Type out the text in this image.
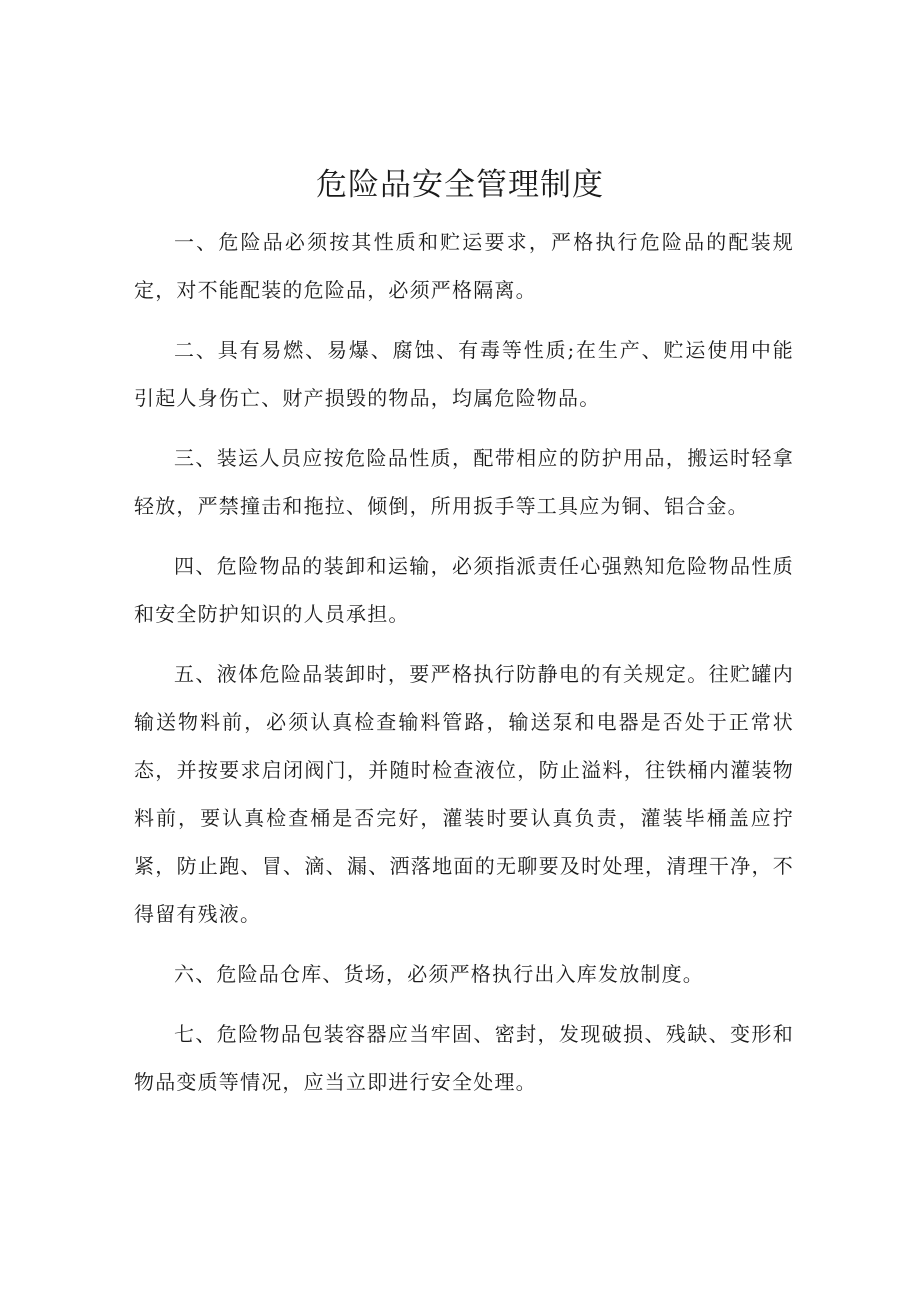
危险品安全管理制度

一、危险品必须按其性质和贮运要求，严格执行危险品的配装规定，对不能配装的危险品，必须严格隔离。

二、具有易燃、易爆、腐蚀、有毒等性质;在生产、贮运使用中能引起人身伤亡、财产损毁的物品，均属危险物品。

三、装运人员应按危险品性质，配带相应的防护用品，搬运时轻拿轻放，严禁撞击和拖拉、倾倒，所用扳手等工具应为铜、铝合金。

四、危险物品的装卸和运输，必须指派责任心强熟知危险物品性质和安全防护知识的人员承担。

五、液体危险品装卸时，要严格执行防静电的有关规定。往贮罐内输送物料前，必须认真检查输料管路，输送泵和电器是否处于正常状态，并按要求启闭阀门，并随时检查液位，防止溢料，往铁桶内灌装物料前，要认真检查桶是否完好，灌装时要认真负责，灌装毕桶盖应拧紧，防止跑、冒、滴、漏、洒落地面的无聊要及时处理，清理干净，不得留有残液。

六、危险品仓库、货场，必须严格执行出入库发放制度。

七、危险物品包装容器应当牢固、密封，发现破损、残缺、变形和物品变质等情况，应当立即进行安全处理。
